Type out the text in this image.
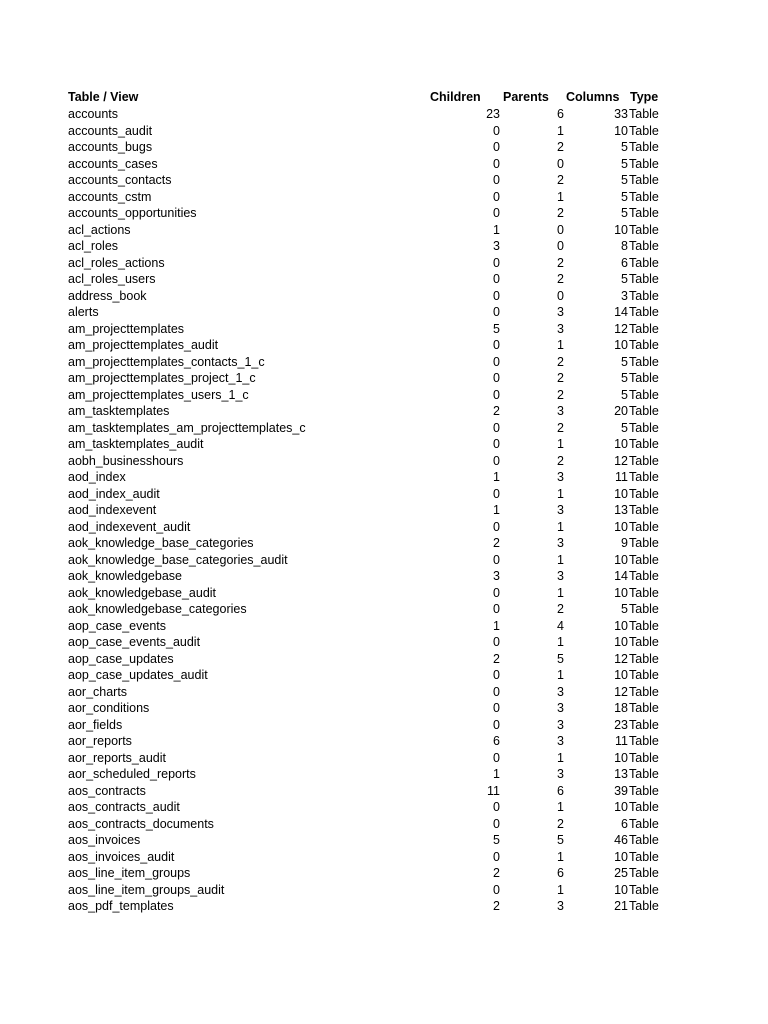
Table / View	Children Parents Columns Type
accounts	23	6	33 Table
accounts_audit	0	1	10 Table
accounts_bugs	0	2	5 Table
accounts_cases	0	0	5 Table
accounts_contacts	0	2	5 Table
accounts_cstm	0	1	5 Table
accounts_opportunities	0	2	5 Table
acl_actions	1	0	10 Table
acl_roles	3	0	8 Table
acl_roles_actions	0	2	6 Table
acl_roles_users	0	2	5 Table
address_book	0	0	3 Table
alerts	0	3	14 Table
am_projecttemplates	5	3	12 Table
am_projecttemplates_audit	0	1	10 Table
am_projecttemplates_contacts_1_c	0	2	5 Table
am_projecttemplates_project_1_c	0	2	5 Table
am_projecttemplates_users_1_c	0	2	5 Table
am_tasktemplates	2	3	20 Table
am_tasktemplates_am_projecttemplates_c	0	2	5 Table
am_tasktemplates_audit	0	1	10 Table
aobh_businesshours	0	2	12 Table
aod_index	1	3	11 Table
aod_index_audit	0	1	10 Table
aod_indexevent	1	3	13 Table
aod_indexevent_audit	0	1	10 Table
aok_knowledge_base_categories	2	3	9 Table
aok_knowledge_base_categories_audit	0	1	10 Table
aok_knowledgebase	3	3	14 Table
aok_knowledgebase_audit	0	1	10 Table
aok_knowledgebase_categories	0	2	5 Table
aop_case_events	1	4	10 Table
aop_case_events_audit	0	1	10 Table
aop_case_updates	2	5	12 Table
aop_case_updates_audit	0	1	10 Table
aor_charts	0	3	12 Table
aor_conditions	0	3	18 Table
aor_fields	0	3	23 Table
aor_reports	6	3	11 Table
aor_reports_audit	0	1	10 Table
aor_scheduled_reports	1	3	13 Table
aos_contracts	11	6	39 Table
aos_contracts_audit	0	1	10 Table
aos_contracts_documents	0	2	6 Table
aos_invoices	5	5	46 Table
aos_invoices_audit	0	1	10 Table
aos_line_item_groups	2	6	25 Table
aos_line_item_groups_audit	0	1	10 Table
aos_pdf_templates	2	3	21 Table
